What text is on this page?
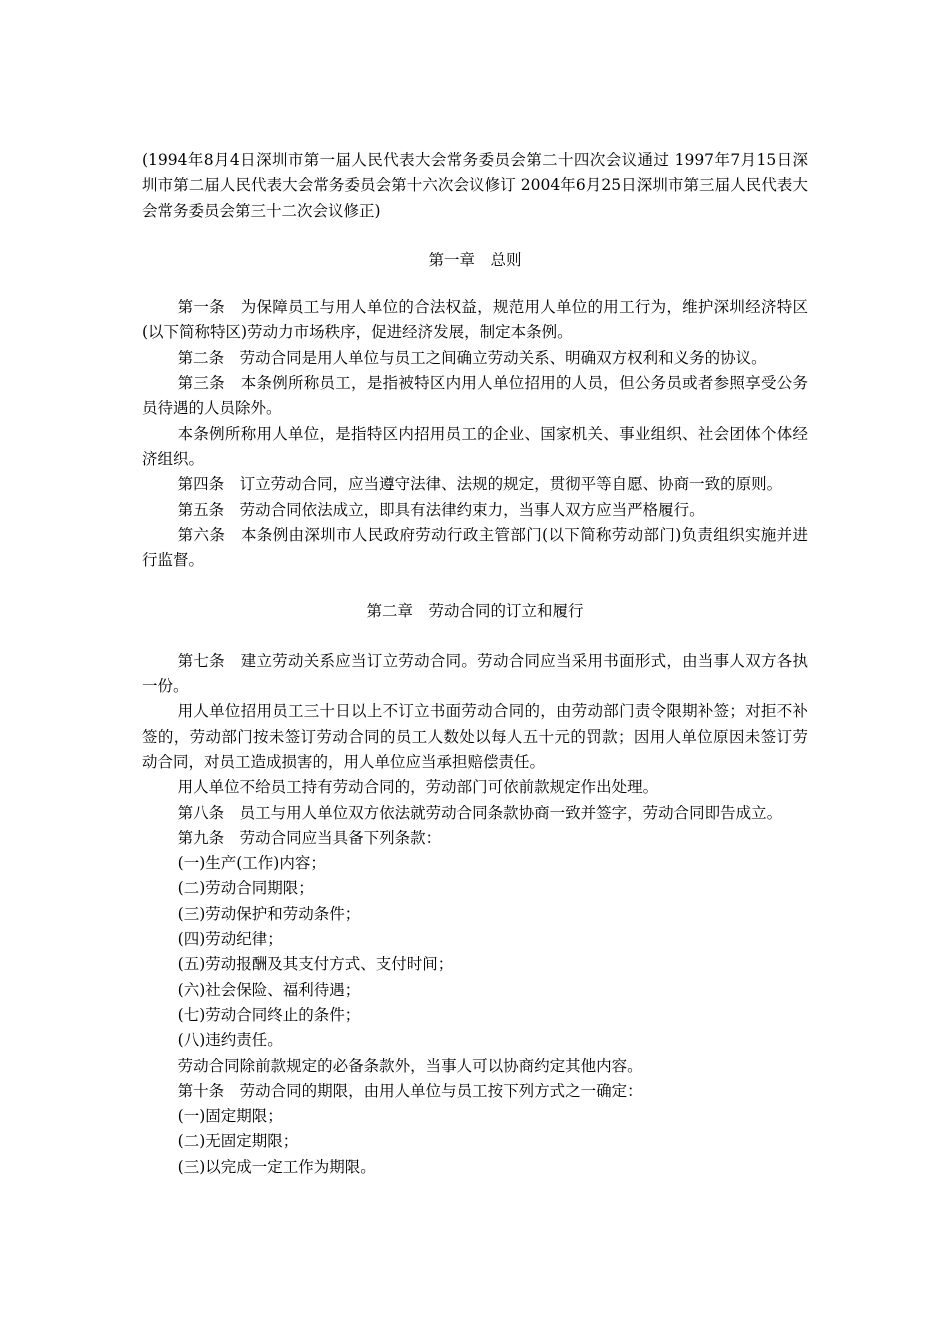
(1994年8月4日深圳市第一届人民代表大会常务委员会第二十四次会议通过 1997年7月15日深圳市第二届人民代表大会常务委员会第十六次会议修订 2004年6月25日深圳市第三届人民代表大会常务委员会第三十二次会议修正)

第一章　总则

第一条　为保障员工与用人单位的合法权益，规范用人单位的用工行为，维护深圳经济特区(以下简称特区)劳动力市场秩序，促进经济发展，制定本条例。

第二条　劳动合同是用人单位与员工之间确立劳动关系、明确双方权利和义务的协议。

第三条　本条例所称员工，是指被特区内用人单位招用的人员，但公务员或者参照享受公务员待遇的人员除外。

本条例所称用人单位，是指特区内招用员工的企业、国家机关、事业组织、社会团体个体经济组织。

第四条　订立劳动合同，应当遵守法律、法规的规定，贯彻平等自愿、协商一致的原则。

第五条　劳动合同依法成立，即具有法律约束力，当事人双方应当严格履行。

第六条　本条例由深圳市人民政府劳动行政主管部门(以下简称劳动部门)负责组织实施并进行监督。

第二章　劳动合同的订立和履行

第七条　建立劳动关系应当订立劳动合同。劳动合同应当采用书面形式，由当事人双方各执一份。

用人单位招用员工三十日以上不订立书面劳动合同的，由劳动部门责令限期补签；对拒不补签的，劳动部门按未签订劳动合同的员工人数处以每人五十元的罚款；因用人单位原因未签订劳动合同，对员工造成损害的，用人单位应当承担赔偿责任。

用人单位不给员工持有劳动合同的，劳动部门可依前款规定作出处理。

第八条　员工与用人单位双方依法就劳动合同条款协商一致并签字，劳动合同即告成立。

第九条　劳动合同应当具备下列条款：

(一)生产(工作)内容；

(二)劳动合同期限；

(三)劳动保护和劳动条件；

(四)劳动纪律；

(五)劳动报酬及其支付方式、支付时间；

(六)社会保险、福利待遇；

(七)劳动合同终止的条件；

(八)违约责任。

劳动合同除前款规定的必备条款外，当事人可以协商约定其他内容。

第十条　劳动合同的期限，由用人单位与员工按下列方式之一确定：

(一)固定期限；

(二)无固定期限；

(三)以完成一定工作为期限。
